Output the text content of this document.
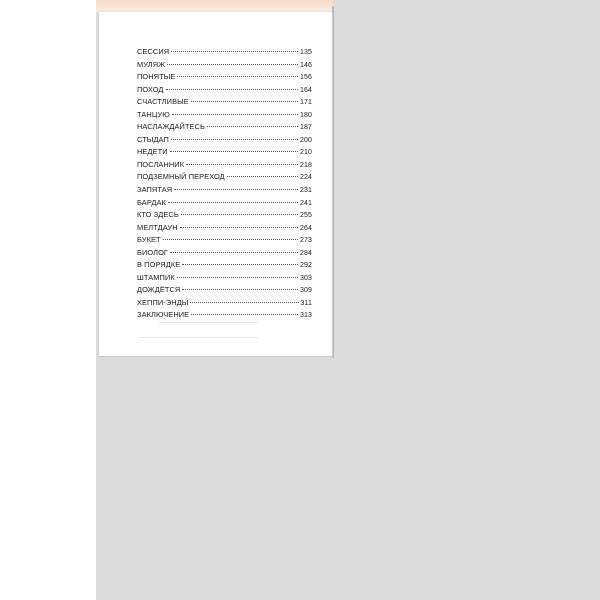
СЕССИЯ	135
МУЛЯЖ	146
ПОНЯТЫЕ	156
ПОХОД	164
СЧАСТЛИВЫЕ	171
ТАНЦУЮ	180
НАСЛАЖДАЙТЕСЬ	187
СТЫДАП	200
НЕДЕТИ	210
ПОСЛАННИК	218
ПОДЗЕМНЫЙ ПЕРЕХОД	224
ЗАПЯТАЯ	231
БАРДАК	241
КТО ЗДЕСЬ	255
МЕЛТДАУН	264
БУКЕТ	273
БИОЛОГ	284
В ПОРЯДКЕ	292
ШТАМПИК	303
ДОЖДЁТСЯ	309
ХЕППИ-ЭНДЫ	311
ЗАКЛЮЧЕНИЕ	313
